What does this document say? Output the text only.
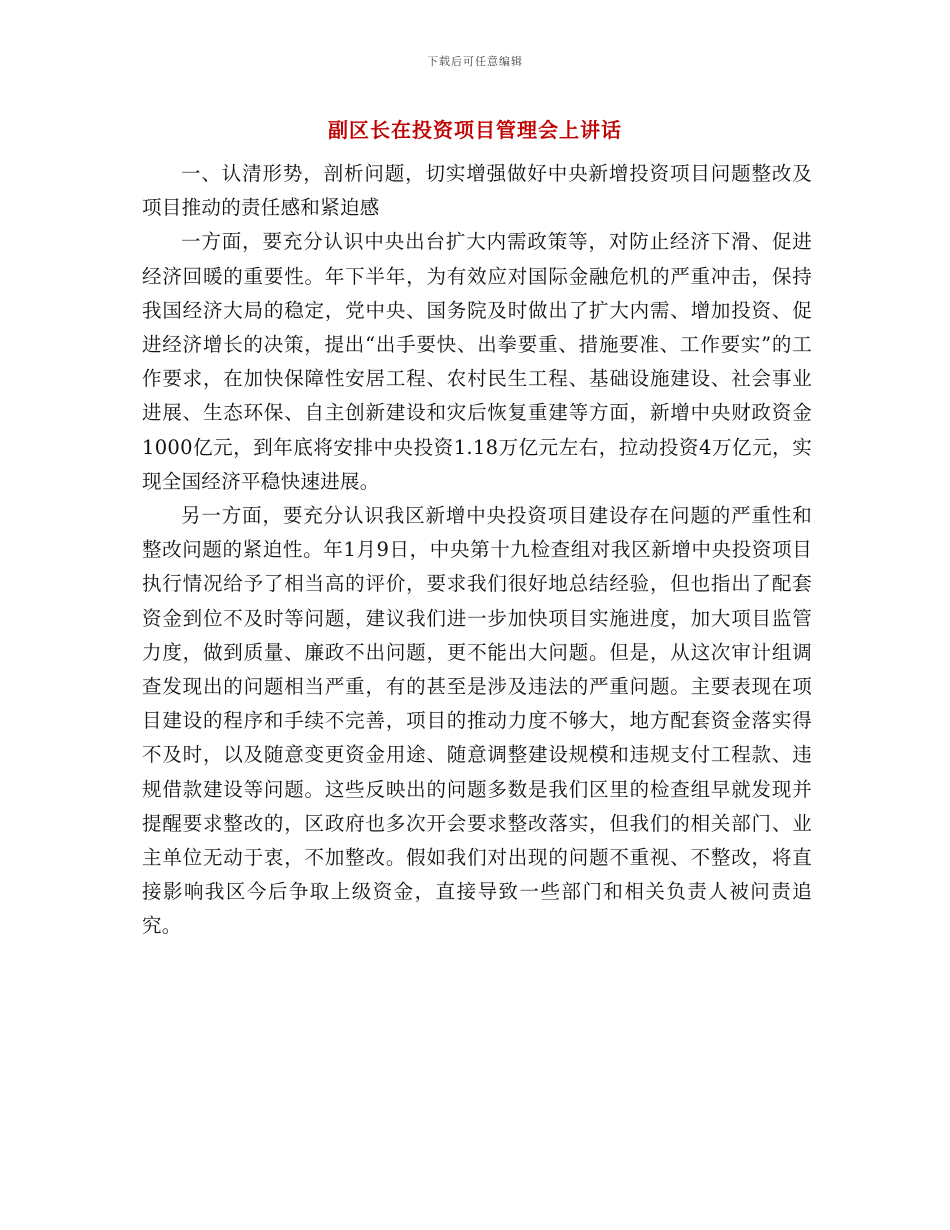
下载后可任意编辑
副区长在投资项目管理会上讲话

一、认清形势，剖析问题，切实增强做好中央新增投资项目问题整改及项目推动的责任感和紧迫感

一方面，要充分认识中央出台扩大内需政策等，对防止经济下滑、促进经济回暖的重要性。年下半年，为有效应对国际金融危机的严重冲击，保持我国经济大局的稳定，党中央、国务院及时做出了扩大内需、增加投资、促进经济增长的决策，提出“出手要快、出拳要重、措施要准、工作要实”的工作要求，在加快保障性安居工程、农村民生工程、基础设施建设、社会事业进展、生态环保、自主创新建设和灾后恢复重建等方面，新增中央财政资金1000亿元，到年底将安排中央投资1.18万亿元左右，拉动投资4万亿元，实现全国经济平稳快速进展。

另一方面，要充分认识我区新增中央投资项目建设存在问题的严重性和整改问题的紧迫性。年1月9日，中央第十九检查组对我区新增中央投资项目执行情况给予了相当高的评价，要求我们很好地总结经验，但也指出了配套资金到位不及时等问题，建议我们进一步加快项目实施进度，加大项目监管力度，做到质量、廉政不出问题，更不能出大问题。但是，从这次审计组调查发现出的问题相当严重，有的甚至是涉及违法的严重问题。主要表现在项目建设的程序和手续不完善，项目的推动力度不够大，地方配套资金落实得不及时，以及随意变更资金用途、随意调整建设规模和违规支付工程款、违规借款建设等问题。这些反映出的问题多数是我们区里的检查组早就发现并提醒要求整改的，区政府也多次开会要求整改落实，但我们的相关部门、业主单位无动于衷，不加整改。假如我们对出现的问题不重视、不整改，将直接影响我区今后争取上级资金，直接导致一些部门和相关负责人被问责追究。
